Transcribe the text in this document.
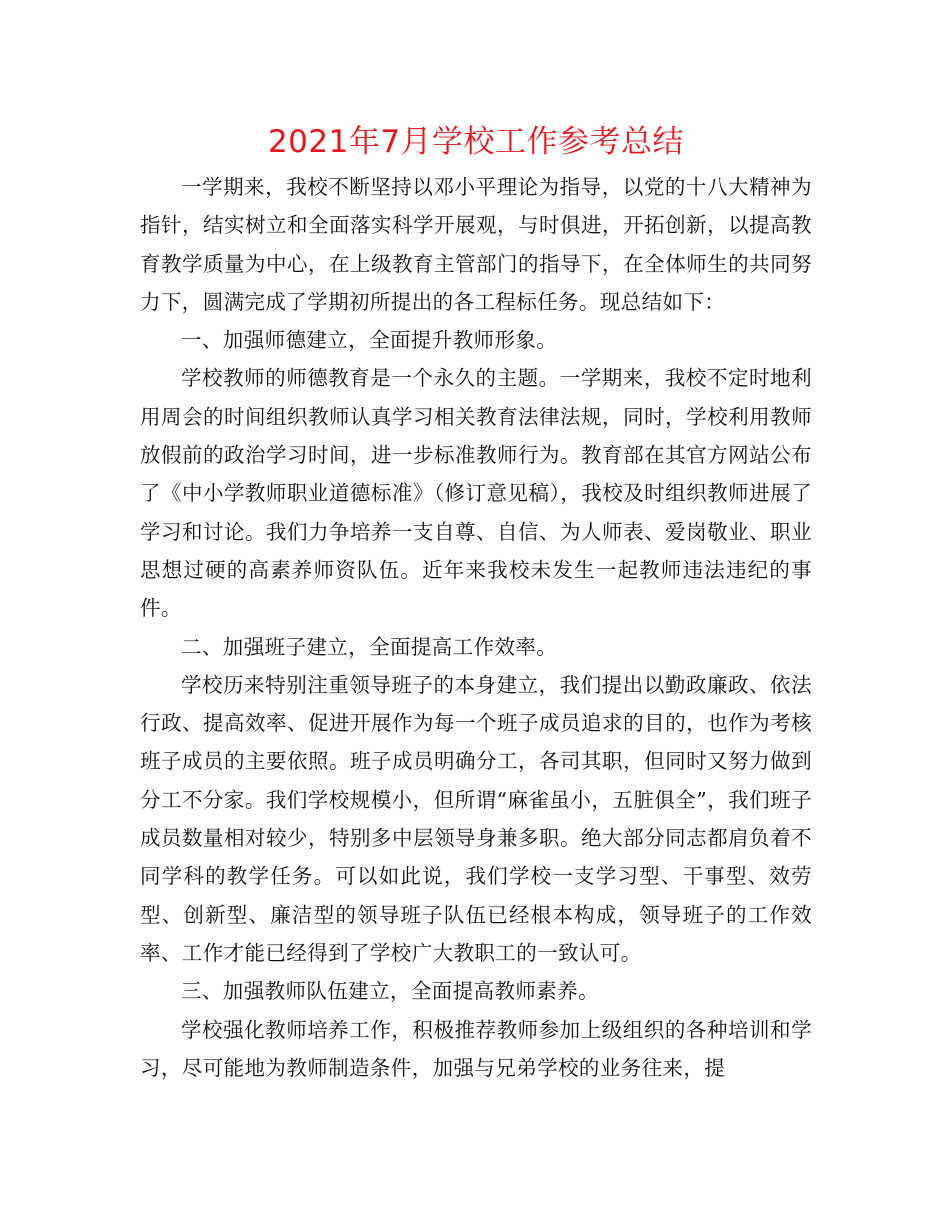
2021年7月学校工作参考总结

一学期来，我校不断坚持以邓小平理论为指导，以党的十八大精神为指针，结实树立和全面落实科学开展观，与时俱进，开拓创新，以提高教育教学质量为中心，在上级教育主管部门的指导下，在全体师生的共同努力下，圆满完成了学期初所提出的各工程标任务。现总结如下：

一、加强师德建立，全面提升教师形象。

学校教师的师德教育是一个永久的主题。一学期来，我校不定时地利用周会的时间组织教师认真学习相关教育法律法规，同时，学校利用教师放假前的政治学习时间，进一步标准教师行为。教育部在其官方网站公布了《中小学教师职业道德标准》（修订意见稿），我校及时组织教师进展了学习和讨论。我们力争培养一支自尊、自信、为人师表、爱岗敬业、职业思想过硬的高素养师资队伍。近年来我校未发生一起教师违法违纪的事件。

二、加强班子建立，全面提高工作效率。

学校历来特别注重领导班子的本身建立，我们提出以勤政廉政、依法行政、提高效率、促进开展作为每一个班子成员追求的目的，也作为考核班子成员的主要依照。班子成员明确分工，各司其职，但同时又努力做到分工不分家。我们学校规模小，但所谓“麻雀虽小，五脏俱全”，我们班子成员数量相对较少，特别多中层领导身兼多职。绝大部分同志都肩负着不同学科的教学任务。可以如此说，我们学校一支学习型、干事型、效劳型、创新型、廉洁型的领导班子队伍已经根本构成，领导班子的工作效率、工作才能已经得到了学校广大教职工的一致认可。

三、加强教师队伍建立，全面提高教师素养。

学校强化教师培养工作，积极推荐教师参加上级组织的各种培训和学习，尽可能地为教师制造条件，加强与兄弟学校的业务往来，提
